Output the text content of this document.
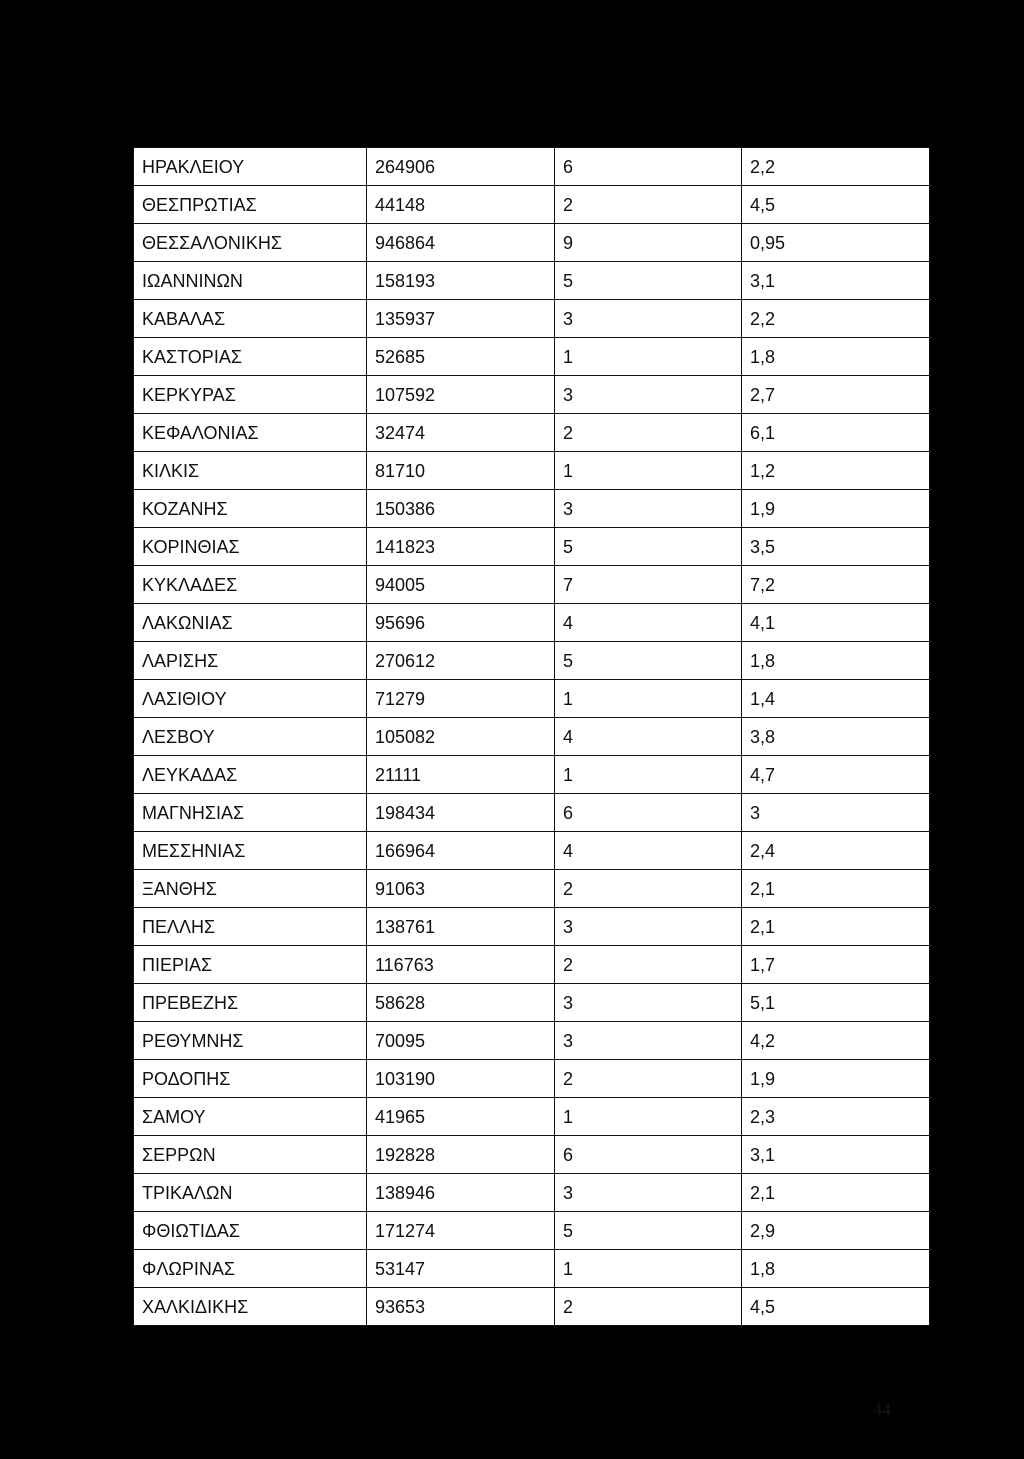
ΗΡΑΚΛΕΙΟΥ	264906	6	2,2
ΘΕΣΠΡΩΤΙΑΣ	44148	2	4,5
ΘΕΣΣΑΛΟΝΙΚΗΣ	946864	9	0,95
ΙΩΑΝΝΙΝΩΝ	158193	5	3,1
ΚΑΒΑΛΑΣ	135937	3	2,2
ΚΑΣΤΟΡΙΑΣ	52685	1	1,8
ΚΕΡΚΥΡΑΣ	107592	3	2,7
ΚΕΦΑΛΟΝΙΑΣ	32474	2	6,1
ΚΙΛΚΙΣ	81710	1	1,2
ΚΟΖΑΝΗΣ	150386	3	1,9
ΚΟΡΙΝΘΙΑΣ	141823	5	3,5
ΚΥΚΛΑΔΕΣ	94005	7	7,2
ΛΑΚΩΝΙΑΣ	95696	4	4,1
ΛΑΡΙΣΗΣ	270612	5	1,8
ΛΑΣΙΘΙΟΥ	71279	1	1,4
ΛΕΣΒΟΥ	105082	4	3,8
ΛΕΥΚΑΔΑΣ	21111	1	4,7
ΜΑΓΝΗΣΙΑΣ	198434	6	3
ΜΕΣΣΗΝΙΑΣ	166964	4	2,4
ΞΑΝΘΗΣ	91063	2	2,1
ΠΕΛΛΗΣ	138761	3	2,1
ΠΙΕΡΙΑΣ	116763	2	1,7
ΠΡΕΒΕΖΗΣ	58628	3	5,1
ΡΕΘΥΜΝΗΣ	70095	3	4,2
ΡΟΔΟΠΗΣ	103190	2	1,9
ΣΑΜΟΥ	41965	1	2,3
ΣΕΡΡΩΝ	192828	6	3,1
ΤΡΙΚΑΛΩΝ	138946	3	2,1
ΦΘΙΩΤΙΔΑΣ	171274	5	2,9
ΦΛΩΡΙΝΑΣ	53147	1	1,8
ΧΑΛΚΙΔΙΚΗΣ	93653	2	4,5
44
